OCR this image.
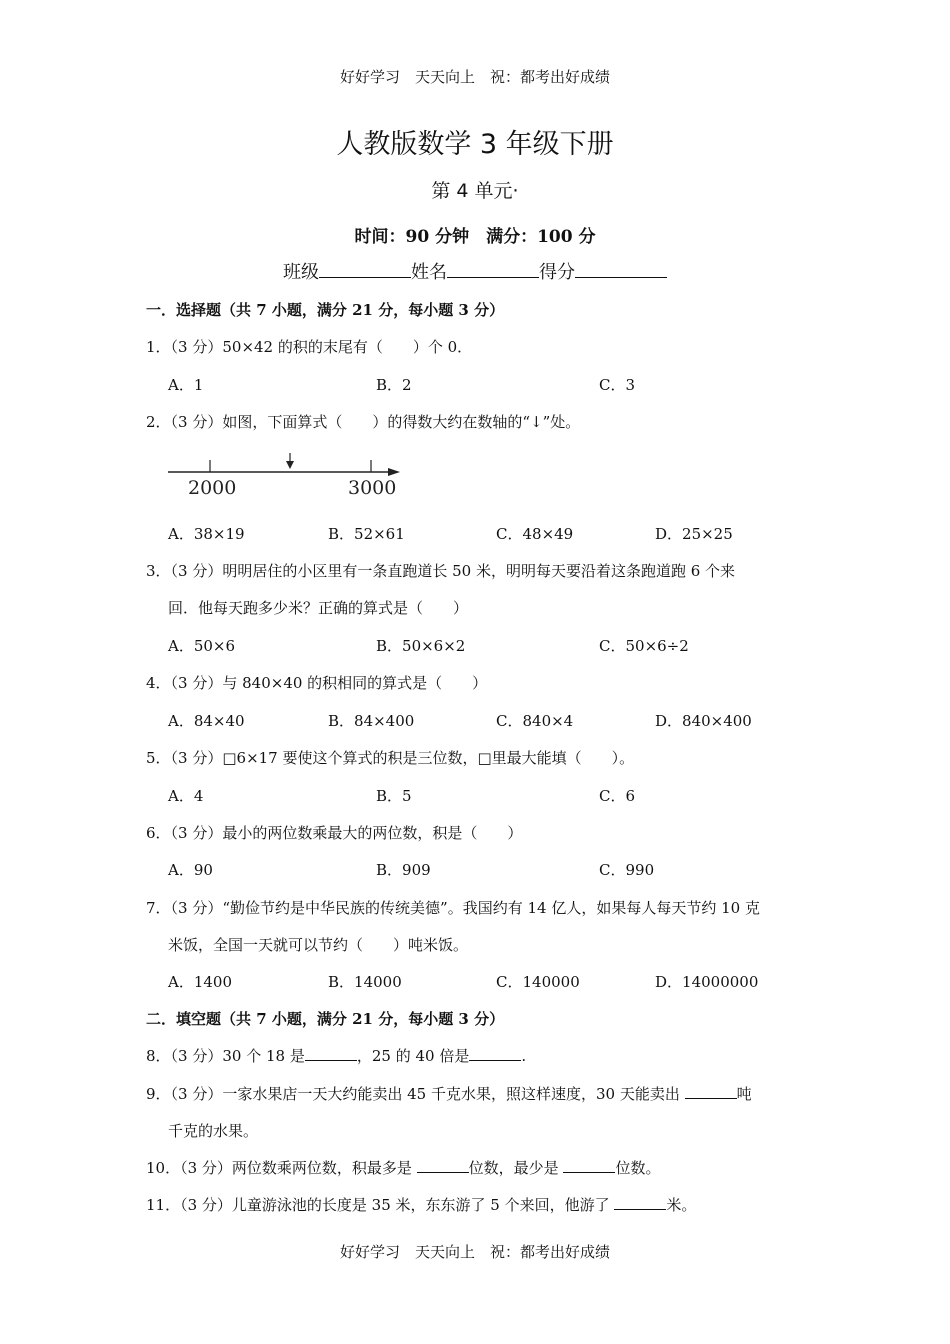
好好学习　天天向上　祝：都考出好成绩
人教版数学 3 年级下册
第 4 单元·
时间：90 分钟　满分：100 分
班级	姓名	得分
一．选择题（共 7 小题，满分 21 分，每小题 3 分）
1．（3 分）50×42 的积的末尾有（　　）个 0．
A．1	B．2	C．3
2．（3 分）如图，下面算式（　　）的得数大约在数轴的“↓”处。
2000	3000
A．38×19	B．52×61	C．48×49	D．25×25
3．（3 分）明明居住的小区里有一条直跑道长 50 米，明明每天要沿着这条跑道跑 6 个来
回．他每天跑多少米？正确的算式是（　　）
A．50×6	B．50×6×2	C．50×6÷2
4．（3 分）与 840×40 的积相同的算式是（　　）
A．84×40	B．84×400	C．840×4	D．840×400
5．（3 分）□6×17 要使这个算式的积是三位数，□里最大能填（　　）。
A．4	B．5	C．6
6．（3 分）最小的两位数乘最大的两位数，积是（　　）
A．90	B．909	C．990
7．（3 分）“勤俭节约是中华民族的传统美德”。我国约有 14 亿人，如果每人每天节约 10 克
米饭，全国一天就可以节约（　　）吨米饭。
A．1400	B．14000	C．140000	D．14000000
二．填空题（共 7 小题，满分 21 分，每小题 3 分）
8．（3 分）30 个 18 是	，25 的 40 倍是	.
9．（3 分）一家水果店一天大约能卖出 45 千克水果，照这样速度，30 天能卖出	吨
千克的水果。
10．（3 分）两位数乘两位数，积最多是	位数，最少是	位数。
11．（3 分）儿童游泳池的长度是 35 米，东东游了 5 个来回，他游了	米。
好好学习　天天向上　祝：都考出好成绩
